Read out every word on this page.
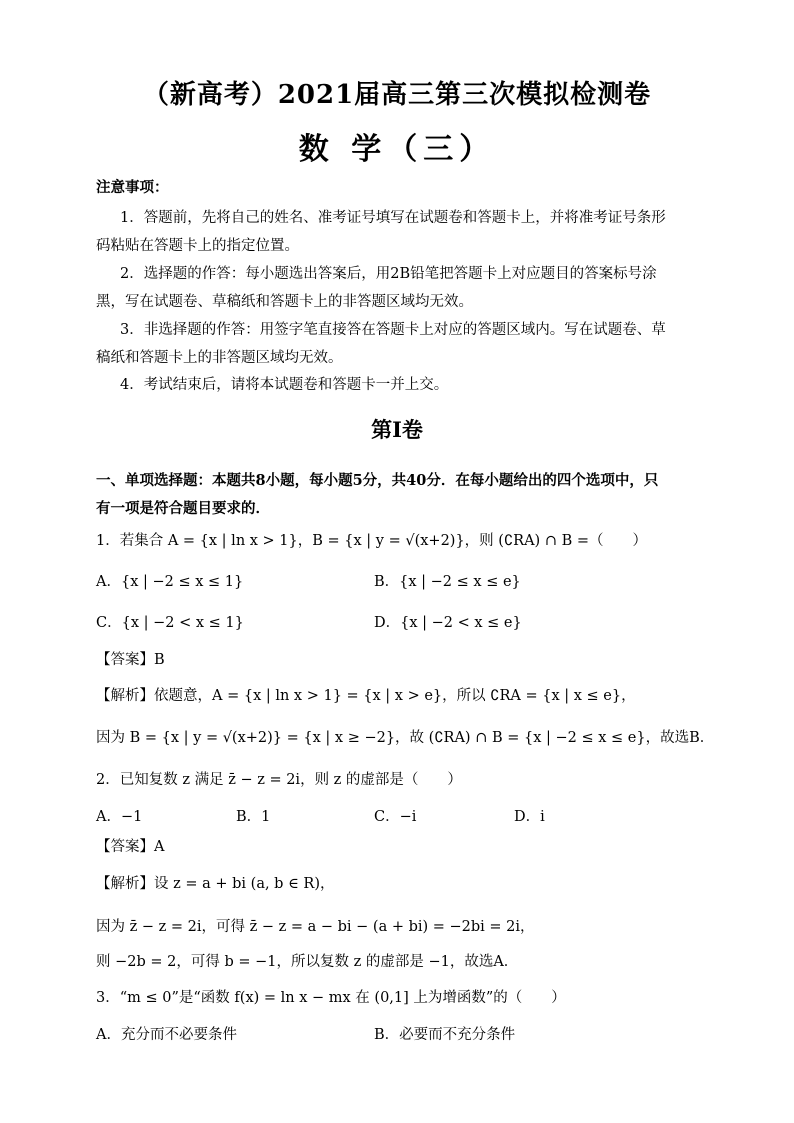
（新高考）2021届高三第三次模拟检测卷
数 学（三）
注意事项：
1．答题前，先将自己的姓名、准考证号填写在试题卷和答题卡上，并将准考证号条形
码粘贴在答题卡上的指定位置。
2．选择题的作答：每小题选出答案后，用2B铅笔把答题卡上对应题目的答案标号涂
黑，写在试题卷、草稿纸和答题卡上的非答题区域均无效。
3．非选择题的作答：用签字笔直接答在答题卡上对应的答题区域内。写在试题卷、草
稿纸和答题卡上的非答题区域均无效。
4．考试结束后，请将本试题卷和答题卡一并上交。
第Ⅰ卷
一、单项选择题：本题共8小题，每小题5分，共40分．在每小题给出的四个选项中，只
有一项是符合题目要求的．
1．若集合 A = {x | ln x > 1}，B = {x | y = √(x+2)}，则 (∁RA) ∩ B =（　　）
A．{x | −2 ≤ x ≤ 1}	B．{x | −2 ≤ x ≤ e}
C．{x | −2 < x ≤ 1}	D．{x | −2 < x ≤ e}
【答案】B
【解析】依题意，A = {x | ln x > 1} = {x | x > e}，所以 ∁RA = {x | x ≤ e}，
因为 B = {x | y = √(x+2)} = {x | x ≥ −2}，故 (∁RA) ∩ B = {x | −2 ≤ x ≤ e}，故选B．
2．已知复数 z 满足 z̄ − z = 2i，则 z 的虚部是（　　）
A．−1	B．1	C．−i	D．i
【答案】A
【解析】设 z = a + bi (a, b ∈ R)，
因为 z̄ − z = 2i，可得 z̄ − z = a − bi − (a + bi) = −2bi = 2i，
则 −2b = 2，可得 b = −1，所以复数 z 的虚部是 −1，故选A．
3．“m ≤ 0”是“函数 f(x) = ln x − mx 在 (0,1] 上为增函数”的（　　）
A．充分而不必要条件	B．必要而不充分条件
